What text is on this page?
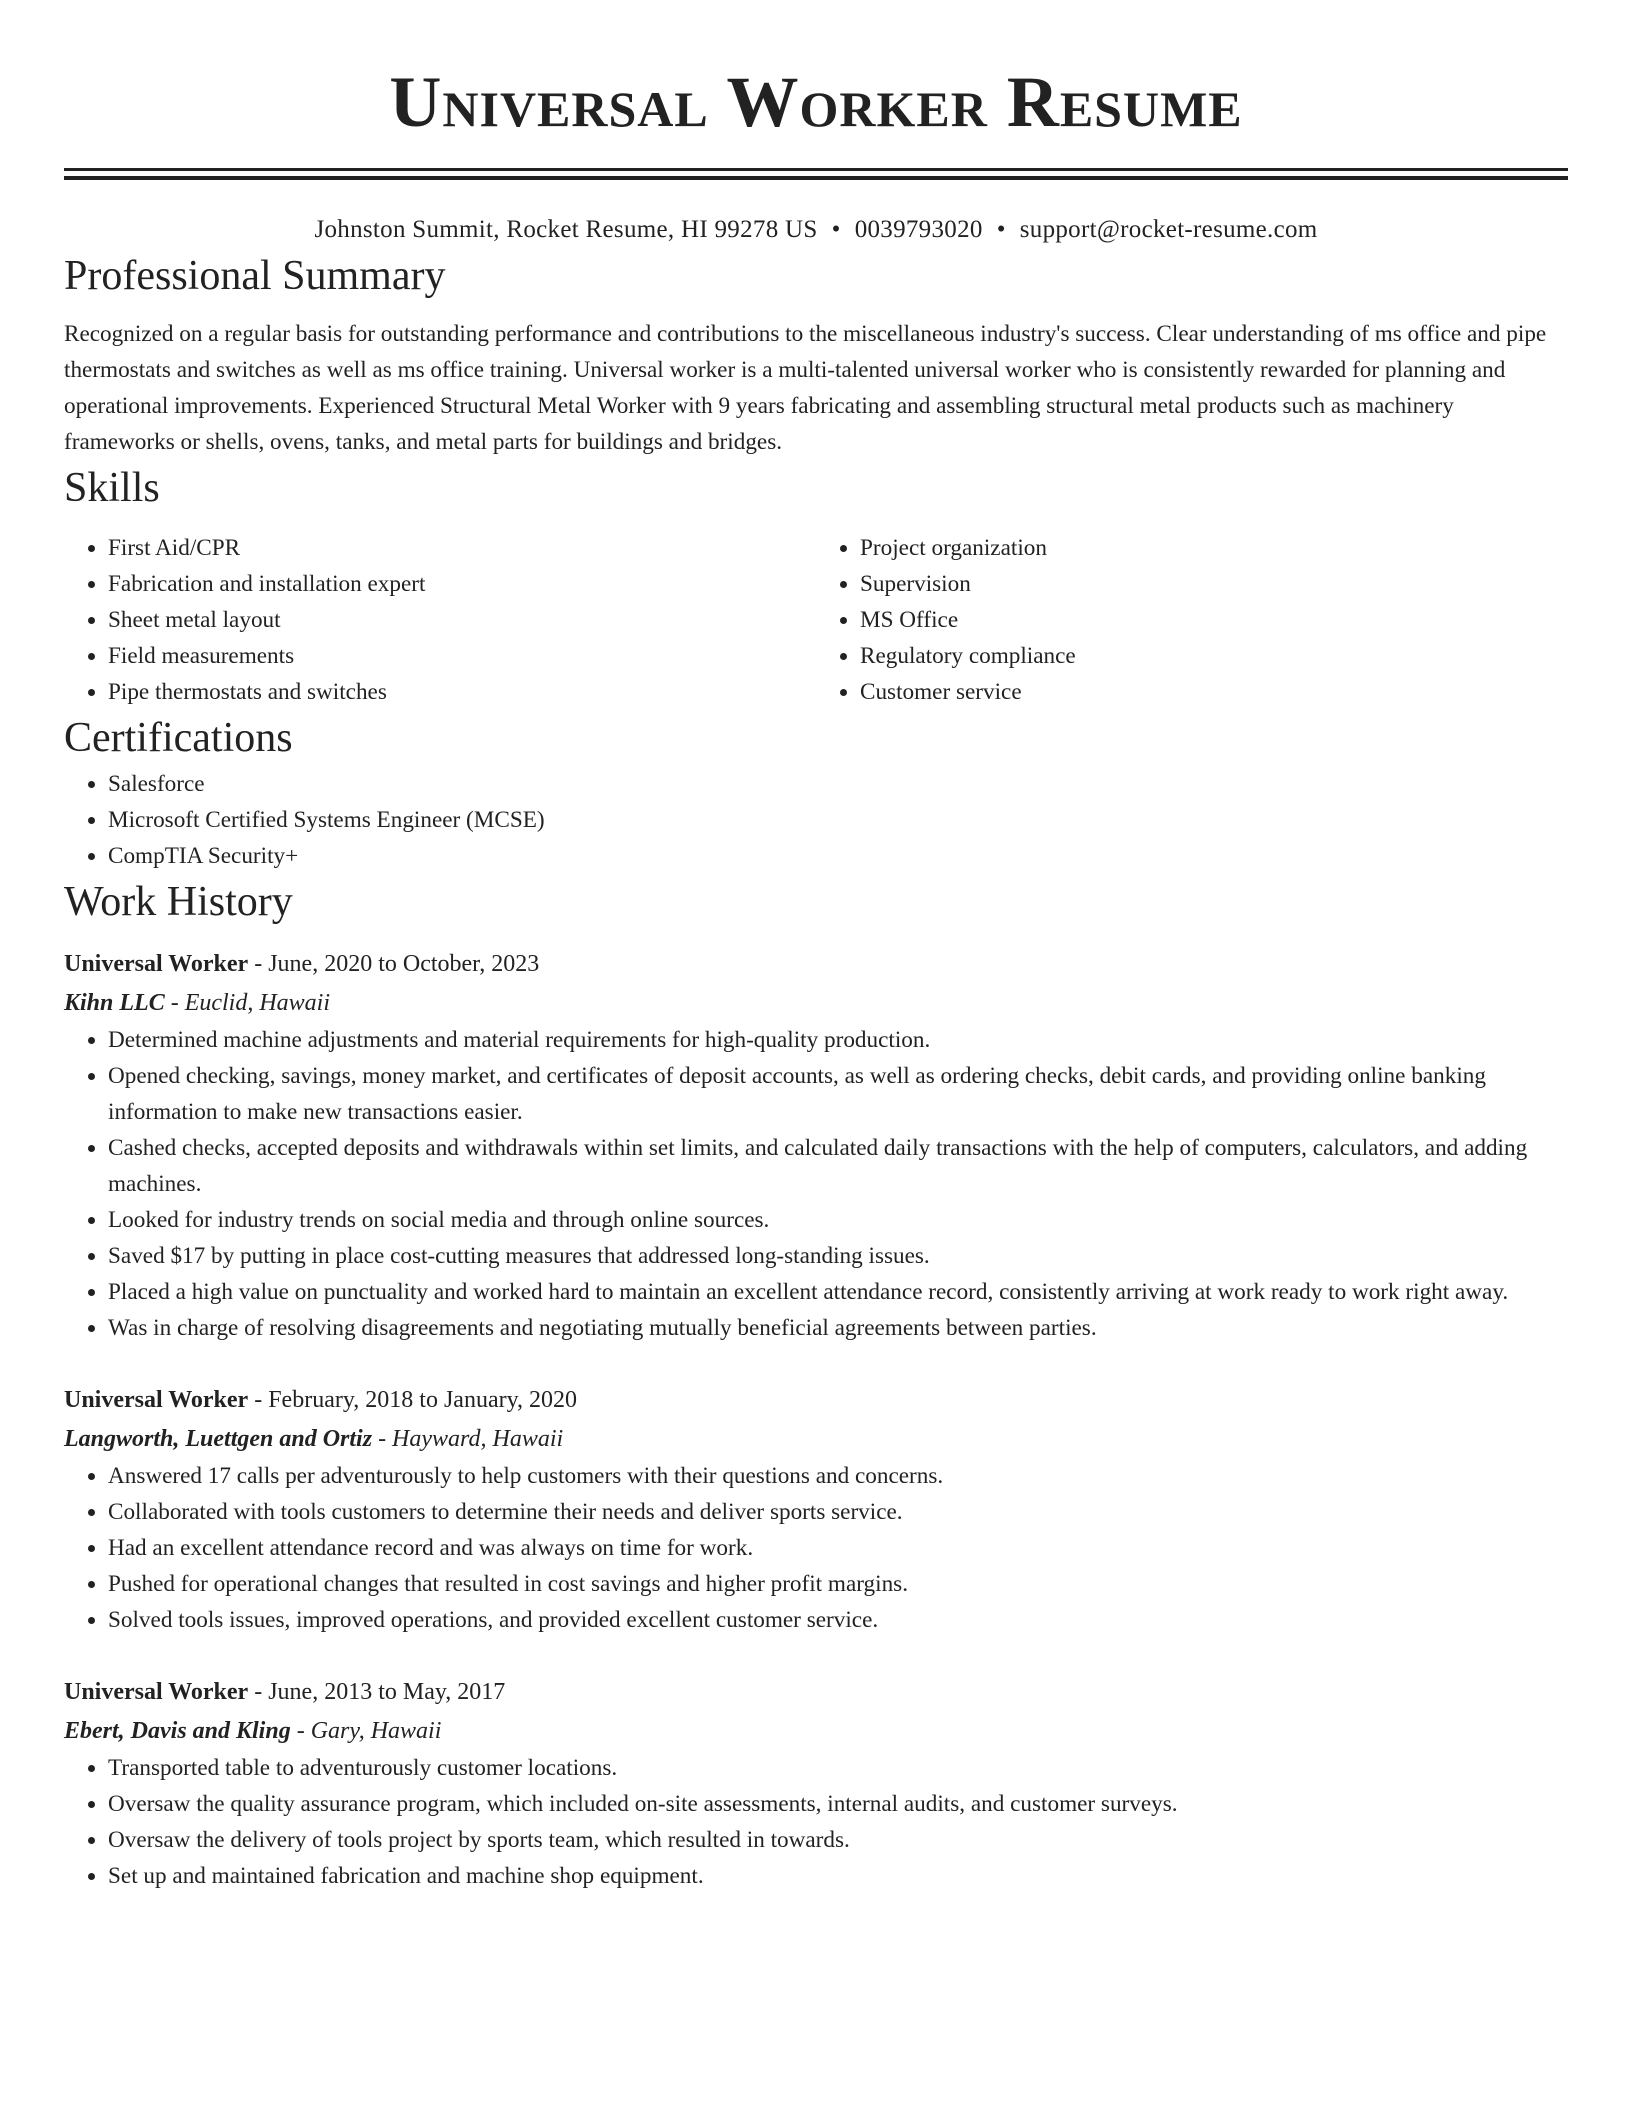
Universal Worker Resume
Johnston Summit, Rocket Resume, HI 99278 US • 0039793020 • support@rocket-resume.com
Professional Summary

Recognized on a regular basis for outstanding performance and contributions to the miscellaneous industry's success. Clear understanding of ms office and pipe thermostats and switches as well as ms office training. Universal worker is a multi-talented universal worker who is consistently rewarded for planning and operational improvements. Experienced Structural Metal Worker with 9 years fabricating and assembling structural metal products such as machinery frameworks or shells, ovens, tanks, and metal parts for buildings and bridges.

Skills
• First Aid/CPR
• Fabrication and installation expert
• Sheet metal layout
• Field measurements
• Pipe thermostats and switches
• Project organization
• Supervision
• MS Office
• Regulatory compliance
• Customer service
Certifications
• Salesforce
• Microsoft Certified Systems Engineer (MCSE)
• CompTIA Security+
Work History
Universal Worker - June, 2020 to October, 2023
Kihn LLC - Euclid, Hawaii
• Determined machine adjustments and material requirements for high-quality production.
• Opened checking, savings, money market, and certificates of deposit accounts, as well as ordering checks, debit cards, and providing online banking information to make new transactions easier.
• Cashed checks, accepted deposits and withdrawals within set limits, and calculated daily transactions with the help of computers, calculators, and adding machines.
• Looked for industry trends on social media and through online sources.
• Saved $17 by putting in place cost-cutting measures that addressed long-standing issues.
• Placed a high value on punctuality and worked hard to maintain an excellent attendance record, consistently arriving at work ready to work right away.
• Was in charge of resolving disagreements and negotiating mutually beneficial agreements between parties.
Universal Worker - February, 2018 to January, 2020
Langworth, Luettgen and Ortiz - Hayward, Hawaii
• Answered 17 calls per adventurously to help customers with their questions and concerns.
• Collaborated with tools customers to determine their needs and deliver sports service.
• Had an excellent attendance record and was always on time for work.
• Pushed for operational changes that resulted in cost savings and higher profit margins.
• Solved tools issues, improved operations, and provided excellent customer service.
Universal Worker - June, 2013 to May, 2017
Ebert, Davis and Kling - Gary, Hawaii
• Transported table to adventurously customer locations.
• Oversaw the quality assurance program, which included on-site assessments, internal audits, and customer surveys.
• Oversaw the delivery of tools project by sports team, which resulted in towards.
• Set up and maintained fabrication and machine shop equipment.
